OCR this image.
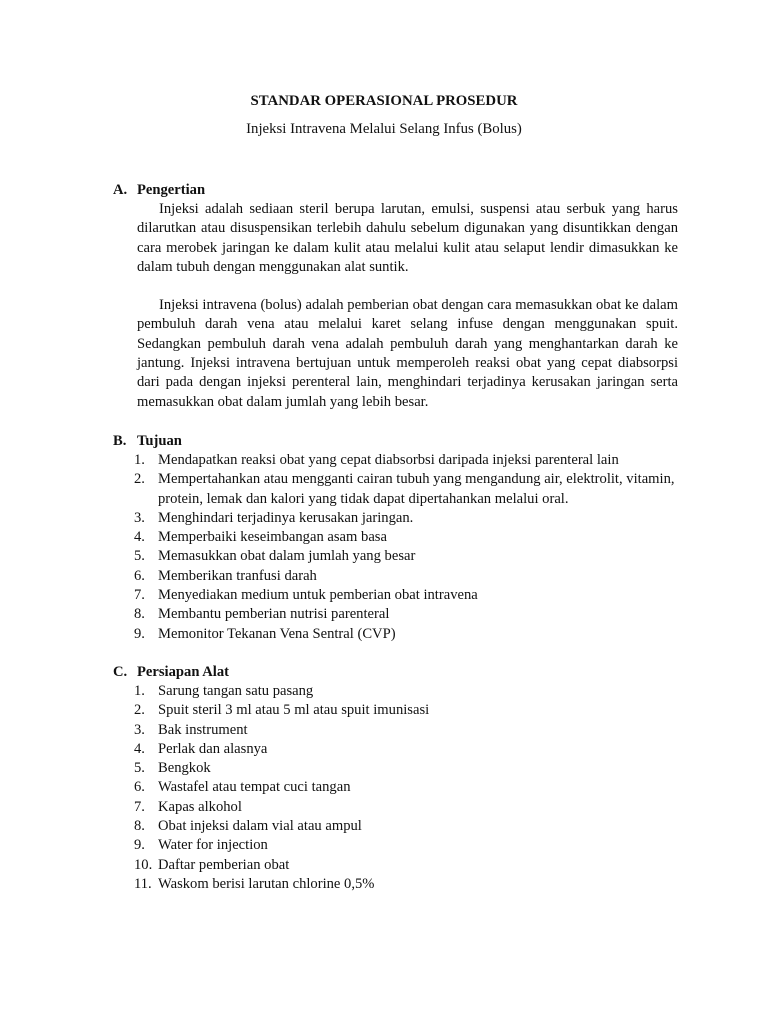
STANDAR OPERASIONAL PROSEDUR
Injeksi Intravena Melalui Selang Infus (Bolus)
A. Pengertian

Injeksi adalah sediaan steril berupa larutan, emulsi, suspensi atau serbuk yang harus dilarutkan atau disuspensikan terlebih dahulu sebelum digunakan yang disuntikkan dengan cara merobek jaringan ke dalam kulit atau melalui kulit atau selaput lendir dimasukkan ke dalam tubuh dengan menggunakan alat suntik.

Injeksi intravena (bolus) adalah pemberian obat dengan cara memasukkan obat ke dalam pembuluh darah vena atau melalui karet selang infuse dengan menggunakan spuit. Sedangkan pembuluh darah vena adalah pembuluh darah yang menghantarkan darah ke jantung. Injeksi intravena bertujuan untuk memperoleh reaksi obat yang cepat diabsorpsi dari pada dengan injeksi perenteral lain, menghindari terjadinya kerusakan jaringan serta memasukkan obat dalam jumlah yang lebih besar.

B. Tujuan
1. Mendapatkan reaksi obat yang cepat diabsorbsi daripada injeksi parenteral lain
2. Mempertahankan atau mengganti cairan tubuh yang mengandung air, elektrolit, vitamin, protein, lemak dan kalori yang tidak dapat dipertahankan melalui oral.
3. Menghindari terjadinya kerusakan jaringan.
4. Memperbaiki keseimbangan asam basa
5. Memasukkan obat dalam jumlah yang besar
6. Memberikan tranfusi darah
7. Menyediakan medium untuk pemberian obat intravena
8. Membantu pemberian nutrisi parenteral
9. Memonitor Tekanan Vena Sentral (CVP)
C. Persiapan Alat
1. Sarung tangan satu pasang
2. Spuit steril 3 ml atau 5 ml atau spuit imunisasi
3. Bak instrument
4. Perlak dan alasnya
5. Bengkok
6. Wastafel atau tempat cuci tangan
7. Kapas alkohol
8. Obat injeksi dalam vial atau ampul
9. Water for injection
10. Daftar pemberian obat
11. Waskom berisi larutan chlorine 0,5%
